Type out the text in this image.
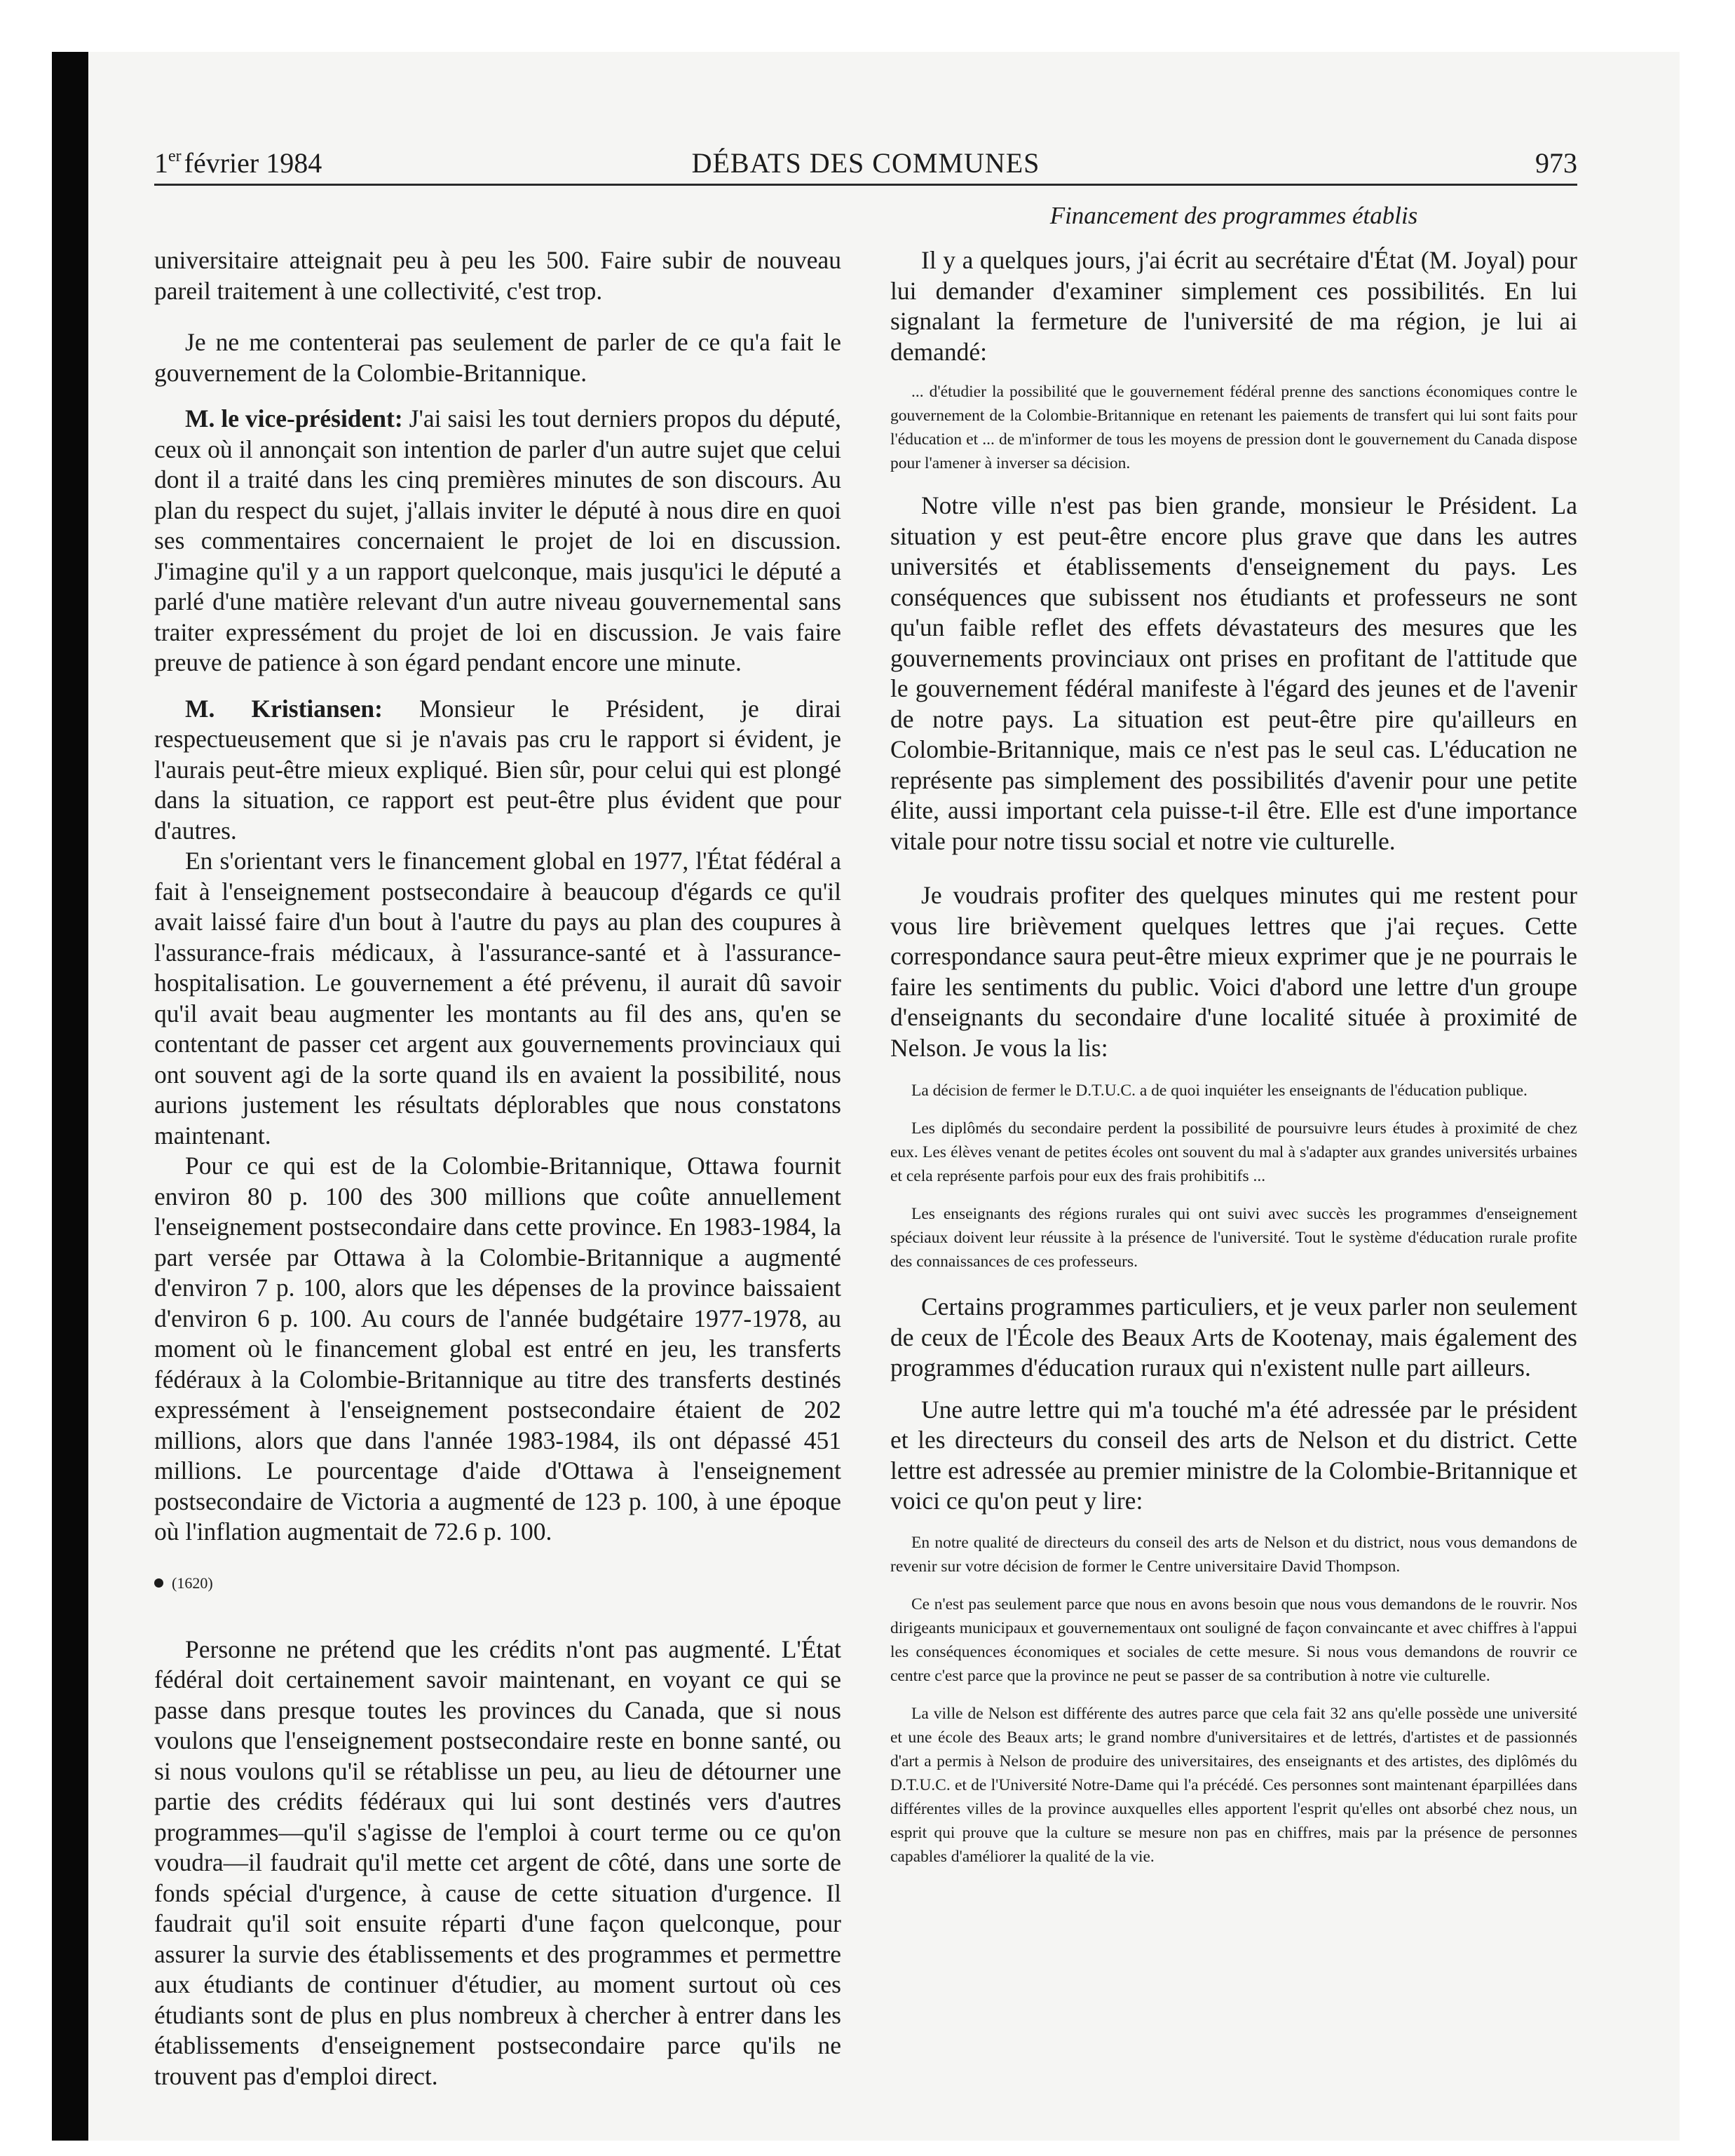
1er février 1984	DÉBATS DES COMMUNES	973
Financement des programmes établis

universitaire atteignait peu à peu les 500. Faire subir de nouveau pareil traitement à une collectivité, c'est trop.

Je ne me contenterai pas seulement de parler de ce qu'a fait le gouvernement de la Colombie-Britannique.

M. le vice-président: J'ai saisi les tout derniers propos du député, ceux où il annonçait son intention de parler d'un autre sujet que celui dont il a traité dans les cinq premières minutes de son discours. Au plan du respect du sujet, j'allais inviter le député à nous dire en quoi ses commentaires concernaient le projet de loi en discussion. J'imagine qu'il y a un rapport quelconque, mais jusqu'ici le député a parlé d'une matière relevant d'un autre niveau gouvernemental sans traiter expressément du projet de loi en discussion. Je vais faire preuve de patience à son égard pendant encore une minute.

M. Kristiansen: Monsieur le Président, je dirai respectueusement que si je n'avais pas cru le rapport si évident, je l'aurais peut-être mieux expliqué. Bien sûr, pour celui qui est plongé dans la situation, ce rapport est peut-être plus évident que pour d'autres.

En s'orientant vers le financement global en 1977, l'État fédéral a fait à l'enseignement postsecondaire à beaucoup d'égards ce qu'il avait laissé faire d'un bout à l'autre du pays au plan des coupures à l'assurance-frais médicaux, à l'assurance-santé et à l'assurance-hospitalisation. Le gouvernement a été prévenu, il aurait dû savoir qu'il avait beau augmenter les montants au fil des ans, qu'en se contentant de passer cet argent aux gouvernements provinciaux qui ont souvent agi de la sorte quand ils en avaient la possibilité, nous aurions justement les résultats déplorables que nous constatons maintenant.

Pour ce qui est de la Colombie-Britannique, Ottawa fournit environ 80 p. 100 des 300 millions que coûte annuellement l'enseignement postsecondaire dans cette province. En 1983-1984, la part versée par Ottawa à la Colombie-Britannique a augmenté d'environ 7 p. 100, alors que les dépenses de la province baissaient d'environ 6 p. 100. Au cours de l'année budgétaire 1977-1978, au moment où le financement global est entré en jeu, les transferts fédéraux à la Colombie-Britannique au titre des transferts destinés expressément à l'enseignement postsecondaire étaient de 202 millions, alors que dans l'année 1983-1984, ils ont dépassé 451 millions. Le pourcentage d'aide d'Ottawa à l'enseignement postsecondaire de Victoria a augmenté de 123 p. 100, à une époque où l'inflation augmentait de 72.6 p. 100.

(1620)

Personne ne prétend que les crédits n'ont pas augmenté. L'État fédéral doit certainement savoir maintenant, en voyant ce qui se passe dans presque toutes les provinces du Canada, que si nous voulons que l'enseignement postsecondaire reste en bonne santé, ou si nous voulons qu'il se rétablisse un peu, au lieu de détourner une partie des crédits fédéraux qui lui sont destinés vers d'autres programmes—qu'il s'agisse de l'emploi à court terme ou ce qu'on voudra—il faudrait qu'il mette cet argent de côté, dans une sorte de fonds spécial d'urgence, à cause de cette situation d'urgence. Il faudrait qu'il soit ensuite réparti d'une façon quelconque, pour assurer la survie des établissements et des programmes et permettre aux étudiants de continuer d'étudier, au moment surtout où ces étudiants sont de plus en plus nombreux à chercher à entrer dans les établissements d'enseignement postsecondaire parce qu'ils ne trouvent pas d'emploi direct.

Il y a quelques jours, j'ai écrit au secrétaire d'État (M. Joyal) pour lui demander d'examiner simplement ces possibilités. En lui signalant la fermeture de l'université de ma région, je lui ai demandé:

... d'étudier la possibilité que le gouvernement fédéral prenne des sanctions économiques contre le gouvernement de la Colombie-Britannique en retenant les paiements de transfert qui lui sont faits pour l'éducation et ... de m'informer de tous les moyens de pression dont le gouvernement du Canada dispose pour l'amener à inverser sa décision.

Notre ville n'est pas bien grande, monsieur le Président. La situation y est peut-être encore plus grave que dans les autres universités et établissements d'enseignement du pays. Les conséquences que subissent nos étudiants et professeurs ne sont qu'un faible reflet des effets dévastateurs des mesures que les gouvernements provinciaux ont prises en profitant de l'attitude que le gouvernement fédéral manifeste à l'égard des jeunes et de l'avenir de notre pays. La situation est peut-être pire qu'ailleurs en Colombie-Britannique, mais ce n'est pas le seul cas. L'éducation ne représente pas simplement des possibilités d'avenir pour une petite élite, aussi important cela puisse-t-il être. Elle est d'une importance vitale pour notre tissu social et notre vie culturelle.

Je voudrais profiter des quelques minutes qui me restent pour vous lire brièvement quelques lettres que j'ai reçues. Cette correspondance saura peut-être mieux exprimer que je ne pourrais le faire les sentiments du public. Voici d'abord une lettre d'un groupe d'enseignants du secondaire d'une localité située à proximité de Nelson. Je vous la lis:

La décision de fermer le D.T.U.C. a de quoi inquiéter les enseignants de l'éducation publique.

Les diplômés du secondaire perdent la possibilité de poursuivre leurs études à proximité de chez eux. Les élèves venant de petites écoles ont souvent du mal à s'adapter aux grandes universités urbaines et cela représente parfois pour eux des frais prohibitifs ...

Les enseignants des régions rurales qui ont suivi avec succès les programmes d'enseignement spéciaux doivent leur réussite à la présence de l'université. Tout le système d'éducation rurale profite des connaissances de ces professeurs.

Certains programmes particuliers, et je veux parler non seulement de ceux de l'École des Beaux Arts de Kootenay, mais également des programmes d'éducation ruraux qui n'existent nulle part ailleurs.

Une autre lettre qui m'a touché m'a été adressée par le président et les directeurs du conseil des arts de Nelson et du district. Cette lettre est adressée au premier ministre de la Colombie-Britannique et voici ce qu'on peut y lire:

En notre qualité de directeurs du conseil des arts de Nelson et du district, nous vous demandons de revenir sur votre décision de former le Centre universitaire David Thompson.

Ce n'est pas seulement parce que nous en avons besoin que nous vous demandons de le rouvrir. Nos dirigeants municipaux et gouvernementaux ont souligné de façon convaincante et avec chiffres à l'appui les conséquences économiques et sociales de cette mesure. Si nous vous demandons de rouvrir ce centre c'est parce que la province ne peut se passer de sa contribution à notre vie culturelle.

La ville de Nelson est différente des autres parce que cela fait 32 ans qu'elle possède une université et une école des Beaux arts; le grand nombre d'universitaires et de lettrés, d'artistes et de passionnés d'art a permis à Nelson de produire des universitaires, des enseignants et des artistes, des diplômés du D.T.U.C. et de l'Université Notre-Dame qui l'a précédé. Ces personnes sont maintenant éparpillées dans différentes villes de la province auxquelles elles apportent l'esprit qu'elles ont absorbé chez nous, un esprit qui prouve que la culture se mesure non pas en chiffres, mais par la présence de personnes capables d'améliorer la qualité de la vie.
